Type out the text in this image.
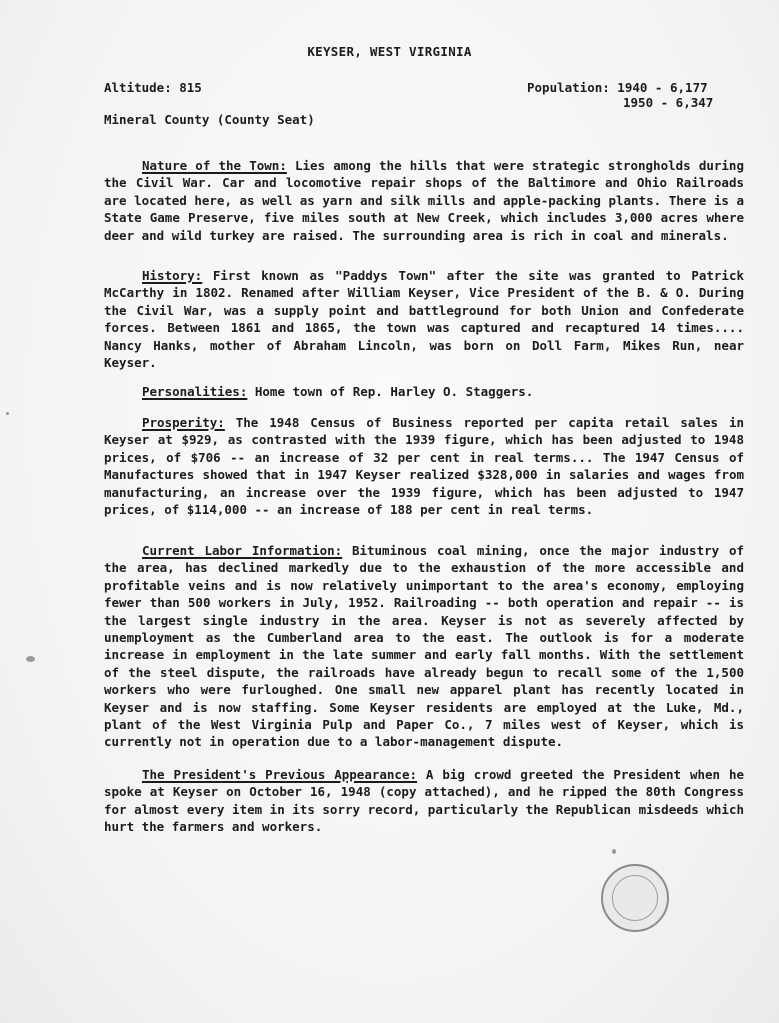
KEYSER, WEST VIRGINIA
Altitude: 815	Population: 1940 - 6,177
1950 - 6,347
Mineral County (County Seat)
Nature of the Town: Lies among the hills that were strategic strongholds during the Civil War. Car and locomotive repair shops of the Baltimore and Ohio Railroads are located here, as well as yarn and silk mills and apple-packing plants. There is a State Game Preserve, five miles south at New Creek, which includes 3,000 acres where deer and wild turkey are raised. The surrounding area is rich in coal and minerals.
History: First known as "Paddys Town" after the site was granted to Patrick McCarthy in 1802. Renamed after William Keyser, Vice President of the B. & O. During the Civil War, was a supply point and battleground for both Union and Confederate forces. Between 1861 and 1865, the town was captured and recaptured 14 times.... Nancy Hanks, mother of Abraham Lincoln, was born on Doll Farm, Mikes Run, near Keyser.
Personalities: Home town of Rep. Harley O. Staggers.
Prosperity: The 1948 Census of Business reported per capita retail sales in Keyser at $929, as contrasted with the 1939 figure, which has been adjusted to 1948 prices, of $706 -- an increase of 32 per cent in real terms... The 1947 Census of Manufactures showed that in 1947 Keyser realized $328,000 in salaries and wages from manufacturing, an increase over the 1939 figure, which has been adjusted to 1947 prices, of $114,000 -- an increase of 188 per cent in real terms.
Current Labor Information: Bituminous coal mining, once the major industry of the area, has declined markedly due to the exhaustion of the more accessible and profitable veins and is now relatively unimportant to the area's economy, employing fewer than 500 workers in July, 1952. Railroading -- both operation and repair -- is the largest single industry in the area. Keyser is not as severely affected by unemployment as the Cumberland area to the east. The outlook is for a moderate increase in employment in the late summer and early fall months. With the settlement of the steel dispute, the railroads have already begun to recall some of the 1,500 workers who were furloughed. One small new apparel plant has recently located in Keyser and is now staffing. Some Keyser residents are employed at the Luke, Md., plant of the West Virginia Pulp and Paper Co., 7 miles west of Keyser, which is currently not in operation due to a labor-management dispute.
The President's Previous Appearance: A big crowd greeted the President when he spoke at Keyser on October 16, 1948 (copy attached), and he ripped the 80th Congress for almost every item in its sorry record, particularly the Republican misdeeds which hurt the farmers and workers.
